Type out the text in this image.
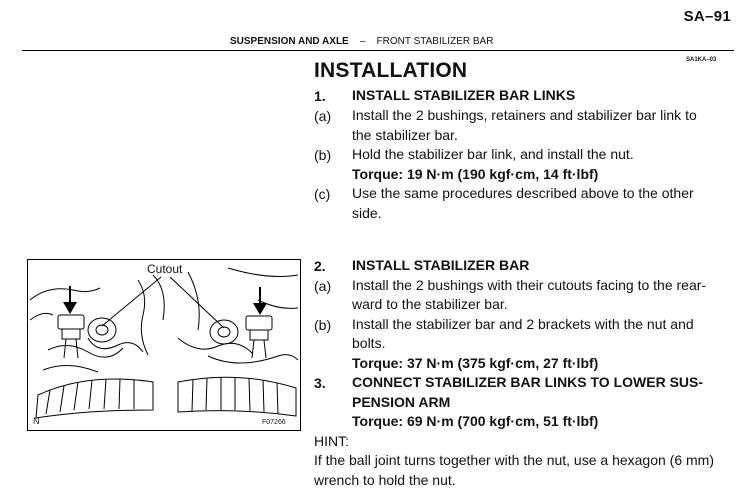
SA–91
SUSPENSION AND AXLE – FRONT STABILIZER BAR
SA1KA–03
INSTALLATION
1. INSTALL STABILIZER BAR LINKS
(a) Install the 2 bushings, retainers and stabilizer bar link to
the stabilizer bar.
(b) Hold the stabilizer bar link, and install the nut.
Torque: 19 N·m (190 kgf·cm, 14 ft·lbf)
(c) Use the same procedures described above to the other
side.
2. INSTALL STABILIZER BAR
(a) Install the 2 bushings with their cutouts facing to the rear-
ward to the stabilizer bar.
(b) Install the stabilizer bar and 2 brackets with the nut and
bolts.
Torque: 37 N·m (375 kgf·cm, 27 ft·lbf)
3. CONNECT STABILIZER BAR LINKS TO LOWER SUS-
PENSION ARM
Torque: 69 N·m (700 kgf·cm, 51 ft·lbf)
HINT:
If the ball joint turns together with the nut, use a hexagon (6 mm)
wrench to hold the nut.
Cutout
N	F07266
